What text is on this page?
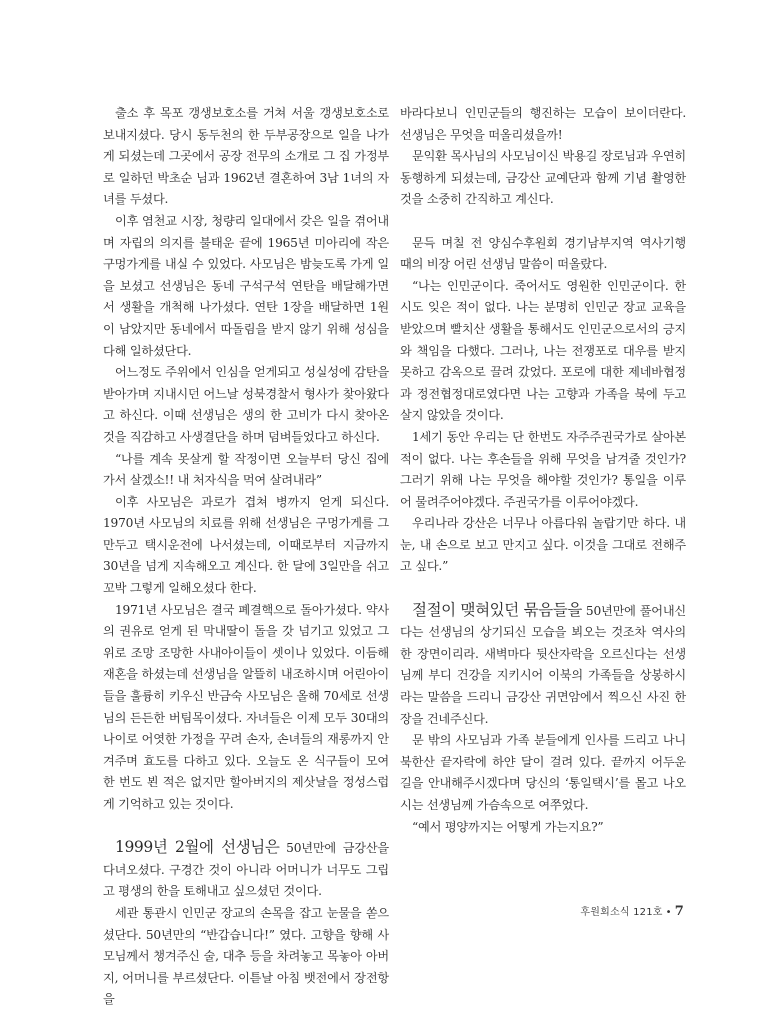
출소 후 목포 갱생보호소를 거쳐 서울 갱생보호소로 보내지셨다. 당시 동두천의 한 두부공장으로 일을 나가게 되셨는데 그곳에서 공장 전무의 소개로 그 집 가정부로 일하던 박초순 님과 1962년 결혼하여 3남 1녀의 자녀를 두셨다.

이후 염천교 시장, 청량리 일대에서 갖은 일을 겪어내며 자립의 의지를 불태운 끝에 1965년 미아리에 작은 구멍가게를 내실 수 있었다. 사모님은 밤늦도록 가게 일을 보셨고 선생님은 동네 구석구석 연탄을 배달해가면서 생활을 개척해 나가셨다. 연탄 1장을 배달하면 1원이 남았지만 동네에서 따돌림을 받지 않기 위해 성심을 다해 일하셨단다.

어느정도 주위에서 인심을 얻게되고 성실성에 감탄을 받아가며 지내시던 어느날 성북경찰서 형사가 찾아왔다고 하신다. 이때 선생님은 생의 한 고비가 다시 찾아온 것을 직감하고 사생결단을 하며 덤벼들었다고 하신다.

“나를 계속 못살게 할 작정이면 오늘부터 당신 집에 가서 살겠소!! 내 처자식을 먹여 살려내라”

이후 사모님은 과로가 겹쳐 병까지 얻게 되신다. 1970년 사모님의 치료를 위해 선생님은 구멍가게를 그만두고 택시운전에 나서셨는데, 이때로부터 지금까지 30년을 넘게 지속해오고 계신다. 한 달에 3일만을 쉬고 꼬박 그렇게 일해오셨다 한다.

1971년 사모님은 결국 폐결핵으로 돌아가셨다. 약사의 권유로 얻게 된 막내딸이 돌을 갓 넘기고 있었고 그 위로 조망 조망한 사내아이들이 셋이나 있었다. 이듬해 재혼을 하셨는데 선생님을 알뜰히 내조하시며 어린아이들을 훌륭히 키우신 반금숙 사모님은 올해 70세로 선생님의 든든한 버팀목이셨다. 자녀들은 이제 모두 30대의 나이로 어엿한 가정을 꾸려 손자, 손녀들의 재롱까지 안겨주며 효도를 다하고 있다. 오늘도 온 식구들이 모여 한 번도 뵌 적은 없지만 할아버지의 제삿날을 정성스럽게 기억하고 있는 것이다.

1999년 2월에 선생님은 50년만에 금강산을 다녀오셨다. 구경간 것이 아니라 어머니가 너무도 그립고 평생의 한을 토해내고 싶으셨던 것이다.

세관 통관시 인민군 장교의 손목을 잡고 눈물을 쏟으셨단다. 50년만의 “반갑습니다!” 였다. 고향을 향해 사모님께서 챙겨주신 술, 대추 등을 차려놓고 목놓아 아버지, 어머니를 부르셨단다. 이튿날 아침 뱃전에서 장전항을

바라다보니 인민군들의 행진하는 모습이 보이더란다. 선생님은 무엇을 떠올리셨을까!

문익환 목사님의 사모님이신 박용길 장로님과 우연히 동행하게 되셨는데, 금강산 교예단과 함께 기념 촬영한 것을 소중히 간직하고 계신다.

문득 며칠 전 양심수후원회 경기남부지역 역사기행 때의 비장 어린 선생님 말씀이 떠올랐다.

“나는 인민군이다. 죽어서도 영원한 인민군이다. 한시도 잊은 적이 없다. 나는 분명히 인민군 장교 교육을 받았으며 빨치산 생활을 통해서도 인민군으로서의 긍지와 책임을 다했다. 그러나, 나는 전쟁포로 대우를 받지 못하고 감옥으로 끌려 갔었다. 포로에 대한 제네바협정과 정전협정대로였다면 나는 고향과 가족을 북에 두고 살지 않았을 것이다.

1세기 동안 우리는 단 한번도 자주주권국가로 살아본 적이 없다. 나는 후손들을 위해 무엇을 남겨줄 것인가? 그러기 위해 나는 무엇을 해야할 것인가? 통일을 이루어 물려주어야겠다. 주권국가를 이루어야겠다.

우리나라 강산은 너무나 아름다워 놀랍기만 하다. 내 눈, 내 손으로 보고 만지고 싶다. 이것을 그대로 전해주고 싶다.”

절절이 맺혀있던 묶음들을 50년만에 풀어내신다는 선생님의 상기되신 모습을 뵈오는 것조차 역사의 한 장면이리라. 새벽마다 뒷산자락을 오르신다는 선생님께 부디 건강을 지키시어 이북의 가족들을 상봉하시라는 말씀을 드리니 금강산 귀면암에서 찍으신 사진 한 장을 건네주신다.

문 밖의 사모님과 가족 분들에게 인사를 드리고 나니 북한산 끝자락에 하얀 달이 걸려 있다. 끝까지 어두운 길을 안내해주시겠다며 당신의 ‘통일택시’를 몰고 나오시는 선생님께 가슴속으로 여쭈었다.

“예서 평양까지는 어떻게 가는지요?”

후원회소식 121호 • 7
